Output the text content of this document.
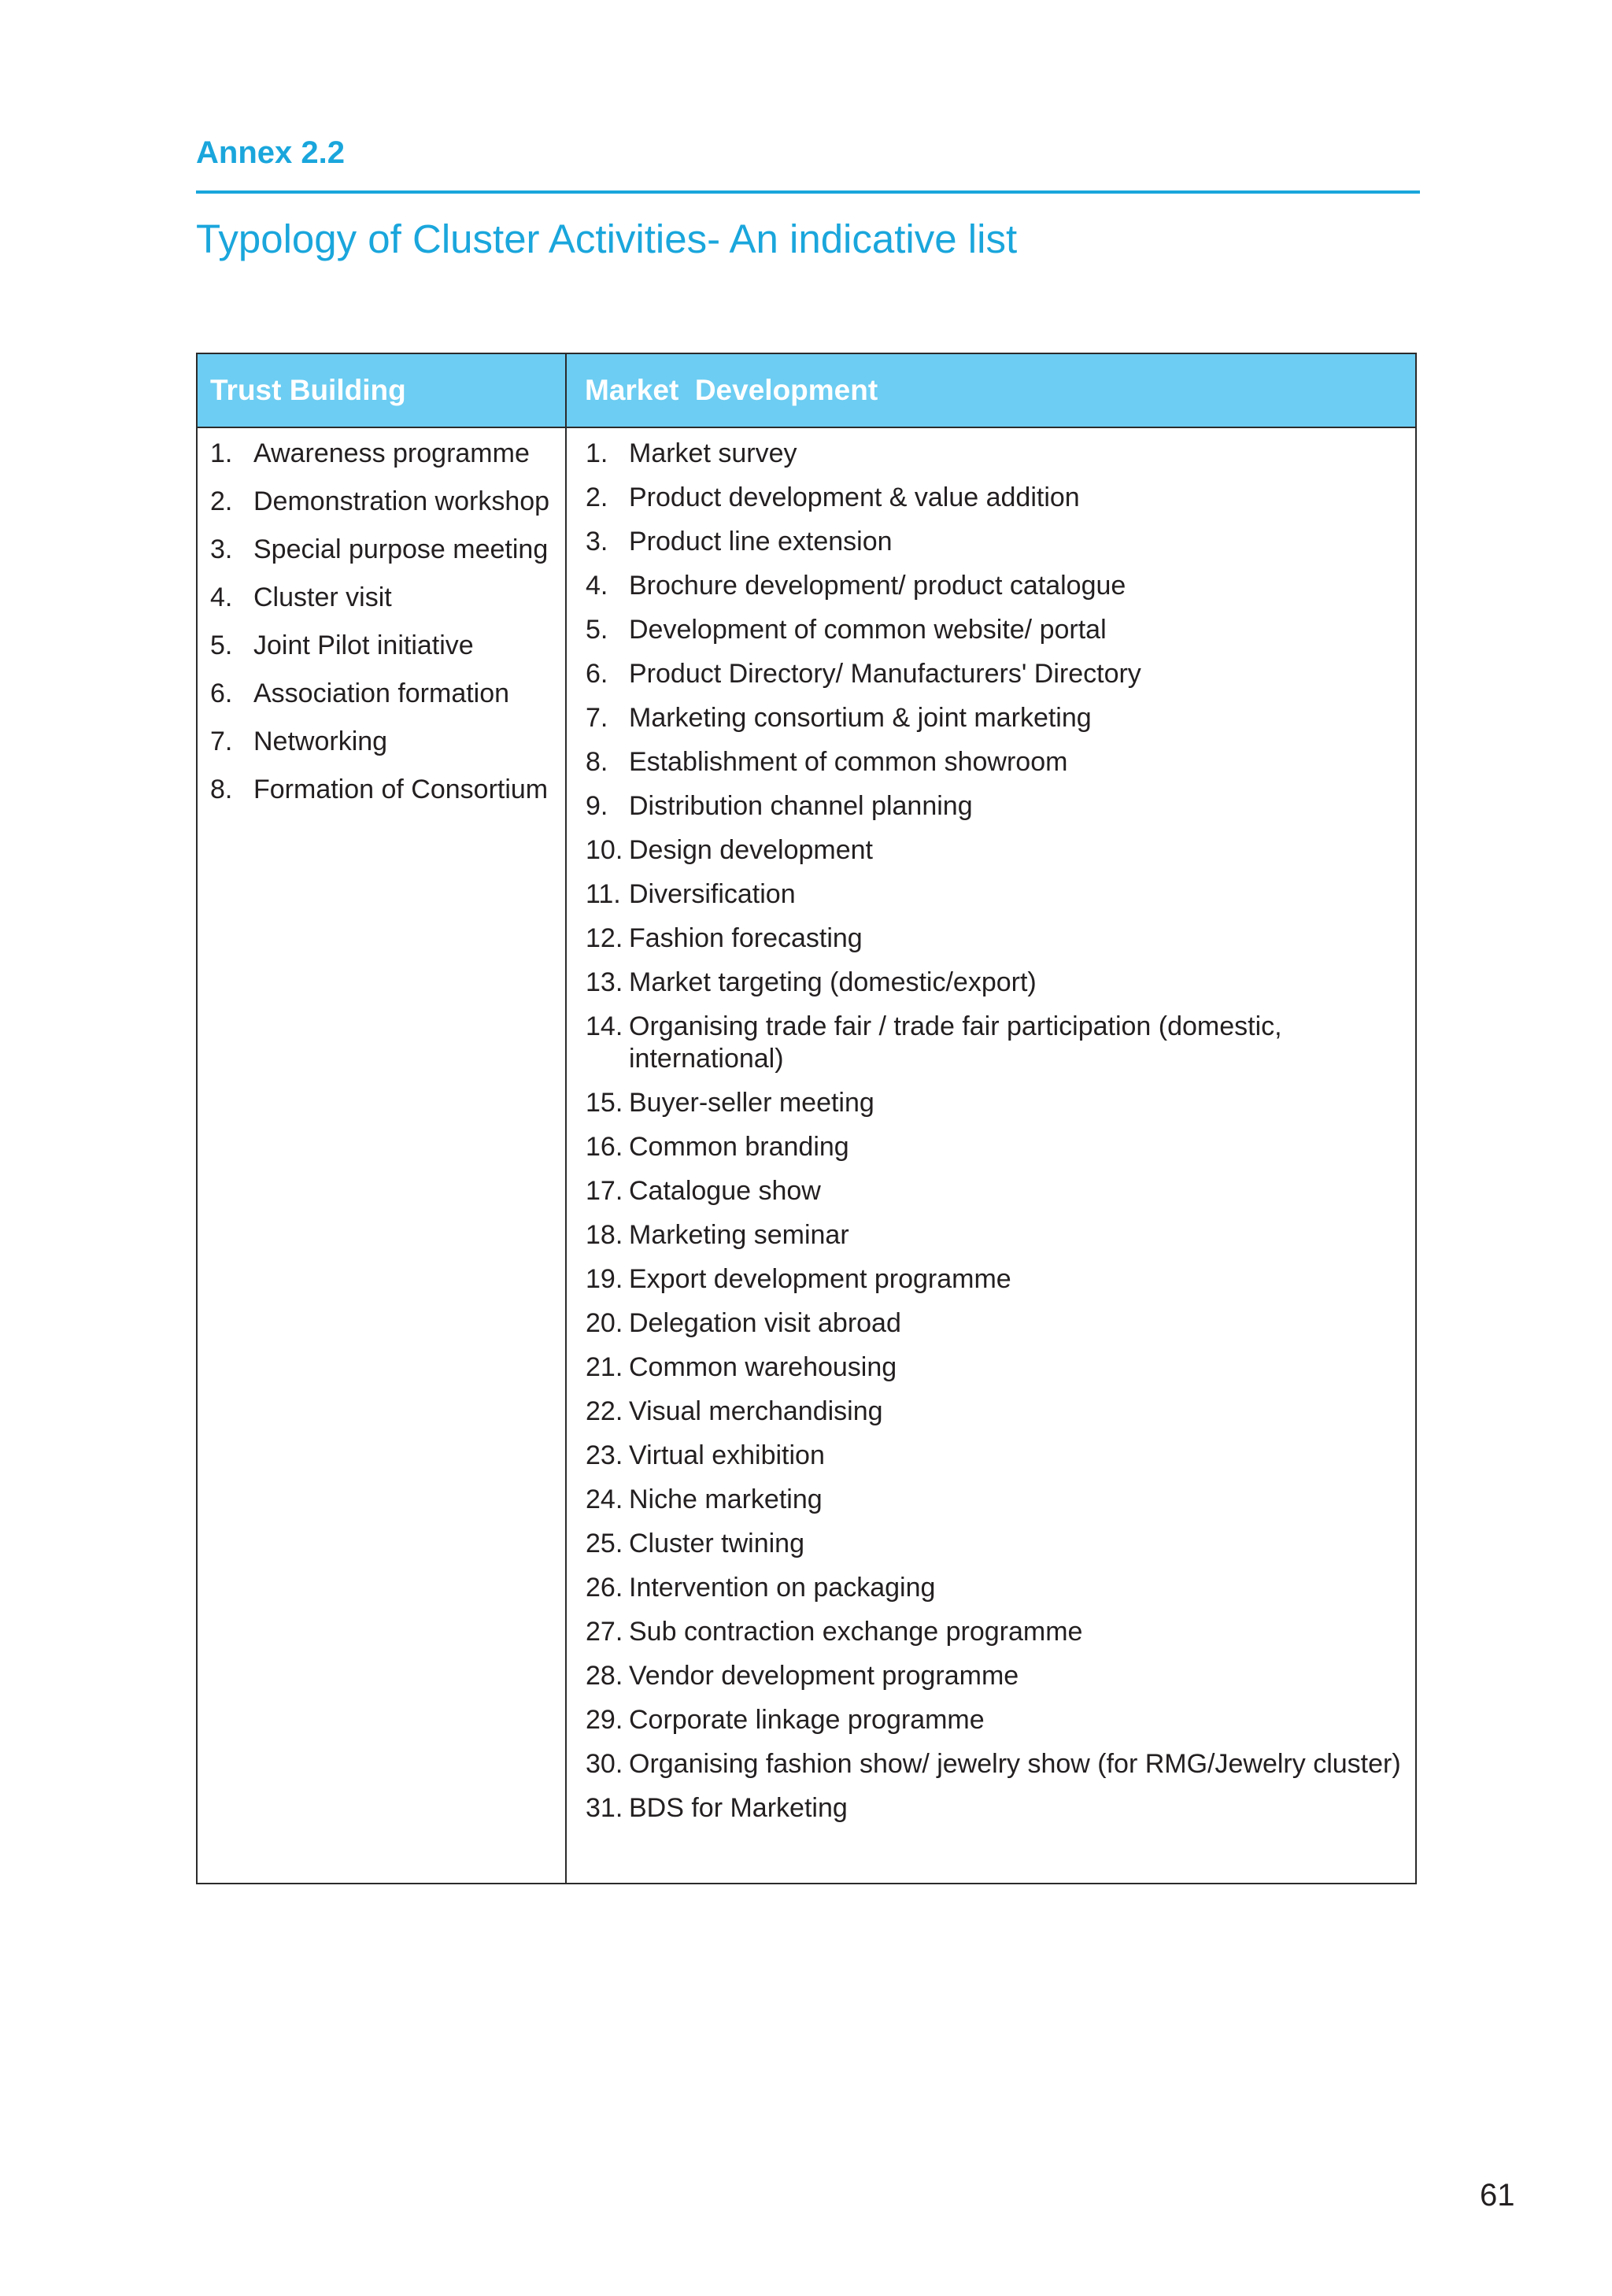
Annex 2.2
Typology of Cluster Activities- An indicative list
Trust Building	Market  Development
1. Awareness programme
2. Demonstration workshop
3. Special purpose meeting
4. Cluster visit
5. Joint Pilot initiative
6. Association formation
7. Networking
8. Formation of Consortium
1. Market survey
2. Product development & value addition
3. Product line extension
4. Brochure development/ product catalogue
5. Development of common website/ portal
6. Product Directory/ Manufacturers' Directory
7. Marketing consortium & joint marketing
8. Establishment of common showroom
9. Distribution channel planning
10. Design development
11. Diversification
12. Fashion forecasting
13. Market targeting (domestic/export)
14. Organising trade fair / trade fair participation (domestic, international)
15. Buyer-seller meeting
16. Common branding
17. Catalogue show
18. Marketing seminar
19. Export development programme
20. Delegation visit abroad
21. Common warehousing
22. Visual merchandising
23. Virtual exhibition
24. Niche marketing
25. Cluster twining
26. Intervention on packaging
27. Sub contraction exchange programme
28. Vendor development programme
29. Corporate linkage programme
30. Organising fashion show/ jewelry show (for RMG/Jewelry cluster)
31. BDS for Marketing
61
